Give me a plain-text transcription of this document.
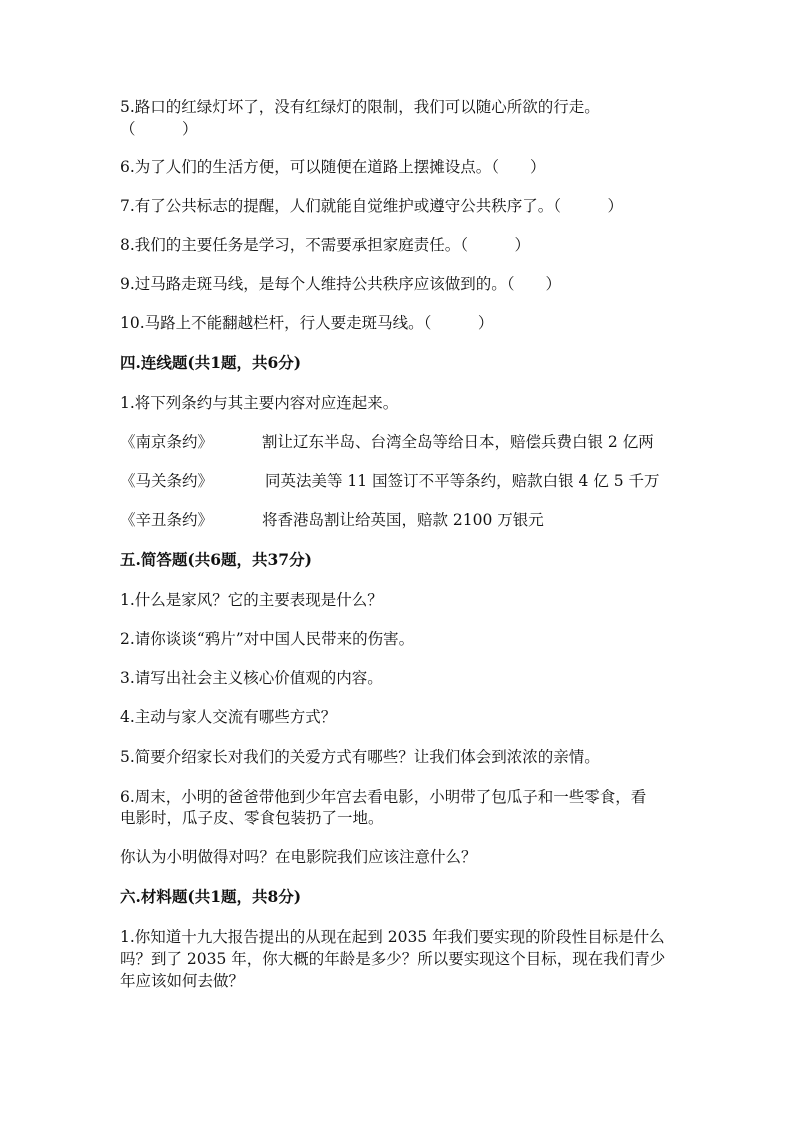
5.路口的红绿灯坏了，没有红绿灯的限制，我们可以随心所欲的行走。
（　　　）
6.为了人们的生活方便，可以随便在道路上摆摊设点。（　　）
7.有了公共标志的提醒，人们就能自觉维护或遵守公共秩序了。（　　　）
8.我们的主要任务是学习，不需要承担家庭责任。（　　　）
9.过马路走斑马线，是每个人维持公共秩序应该做到的。（　　）
10.马路上不能翻越栏杆，行人要走斑马线。（　　　）
四.连线题(共1题，共6分)
1.将下列条约与其主要内容对应连起来。
《南京条约》	割让辽东半岛、台湾全岛等给日本，赔偿兵费白银 2 亿两
《马关条约》	同英法美等 11 国签订不平等条约，赔款白银 4 亿 5 千万
《辛丑条约》	将香港岛割让给英国，赔款 2100 万银元
五.简答题(共6题，共37分)
1.什么是家风？它的主要表现是什么？
2.请你谈谈“鸦片”对中国人民带来的伤害。
3.请写出社会主义核心价值观的内容。
4.主动与家人交流有哪些方式？
5.简要介绍家长对我们的关爱方式有哪些？让我们体会到浓浓的亲情。
6.周末，小明的爸爸带他到少年宫去看电影，小明带了包瓜子和一些零食，看
电影时，瓜子皮、零食包装扔了一地。
你认为小明做得对吗？在电影院我们应该注意什么？
六.材料题(共1题，共8分)
1.你知道十九大报告提出的从现在起到 2035 年我们要实现的阶段性目标是什么
吗？到了 2035 年，你大概的年龄是多少？所以要实现这个目标，现在我们青少
年应该如何去做？
